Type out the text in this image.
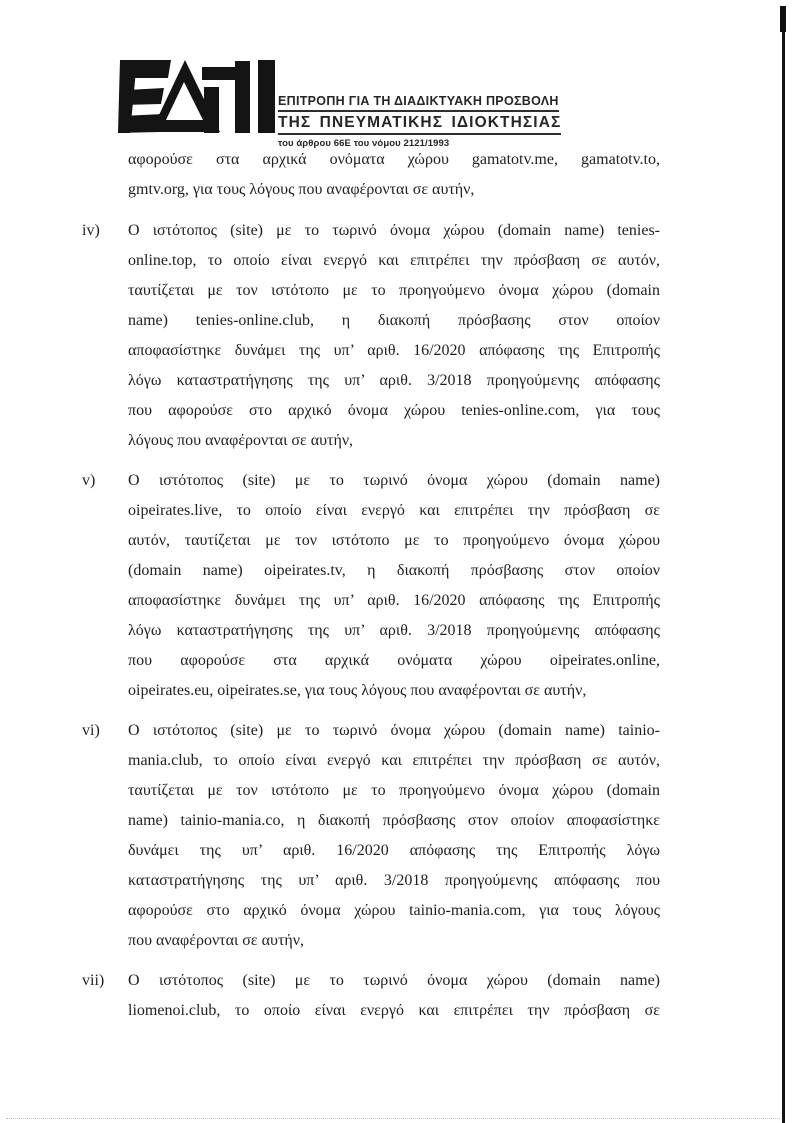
ΕΠΙΤΡΟΠΗ ΓΙΑ ΤΗ ΔΙΑΔΙΚΤΥΑΚΗ ΠΡΟΣΒΟΛΗ
ΤΗΣ ΠΝΕΥΜΑΤΙΚΗΣ ΙΔΙΟΚΤΗΣΙΑΣ
του άρθρου 66Ε του νόμου 2121/1993
αφορούσε στα αρχικά ονόματα χώρου gamatotv.me, gamatotv.to,
gmtv.org, για τους λόγους που αναφέρονται σε αυτήν,
iv)	Ο ιστότοπος (site) με το τωρινό όνομα χώρου (domain name) tenies-
online.top, το οποίο είναι ενεργό και επιτρέπει την πρόσβαση σε αυτόν,
ταυτίζεται με τον ιστότοπο με το προηγούμενο όνομα χώρου (domain
name) tenies-online.club, η διακοπή πρόσβασης στον οποίον
αποφασίστηκε δυνάμει της υπ’ αριθ. 16/2020 απόφασης της Επιτροπής
λόγω καταστρατήγησης της υπ’ αριθ. 3/2018 προηγούμενης απόφασης
που αφορούσε στο αρχικό όνομα χώρου tenies-online.com, για τους
λόγους που αναφέρονται σε αυτήν,
v)	Ο ιστότοπος (site) με το τωρινό όνομα χώρου (domain name)
oipeirates.live, το οποίο είναι ενεργό και επιτρέπει την πρόσβαση σε
αυτόν, ταυτίζεται με τον ιστότοπο με το προηγούμενο όνομα χώρου
(domain name) oipeirates.tv, η διακοπή πρόσβασης στον οποίον
αποφασίστηκε δυνάμει της υπ’ αριθ. 16/2020 απόφασης της Επιτροπής
λόγω καταστρατήγησης της υπ’ αριθ. 3/2018 προηγούμενης απόφασης
που αφορούσε στα αρχικά ονόματα χώρου oipeirates.online,
oipeirates.eu, oipeirates.se, για τους λόγους που αναφέρονται σε αυτήν,
vi)	Ο ιστότοπος (site) με το τωρινό όνομα χώρου (domain name) tainio-
mania.club, το οποίο είναι ενεργό και επιτρέπει την πρόσβαση σε αυτόν,
ταυτίζεται με τον ιστότοπο με το προηγούμενο όνομα χώρου (domain
name) tainio-mania.co, η διακοπή πρόσβασης στον οποίον αποφασίστηκε
δυνάμει της υπ’ αριθ. 16/2020 απόφασης της Επιτροπής λόγω
καταστρατήγησης της υπ’ αριθ. 3/2018 προηγούμενης απόφασης που
αφορούσε στο αρχικό όνομα χώρου tainio-mania.com, για τους λόγους
που αναφέρονται σε αυτήν,
vii)	Ο ιστότοπος (site) με το τωρινό όνομα χώρου (domain name)
liomenoi.club, το οποίο είναι ενεργό και επιτρέπει την πρόσβαση σε
